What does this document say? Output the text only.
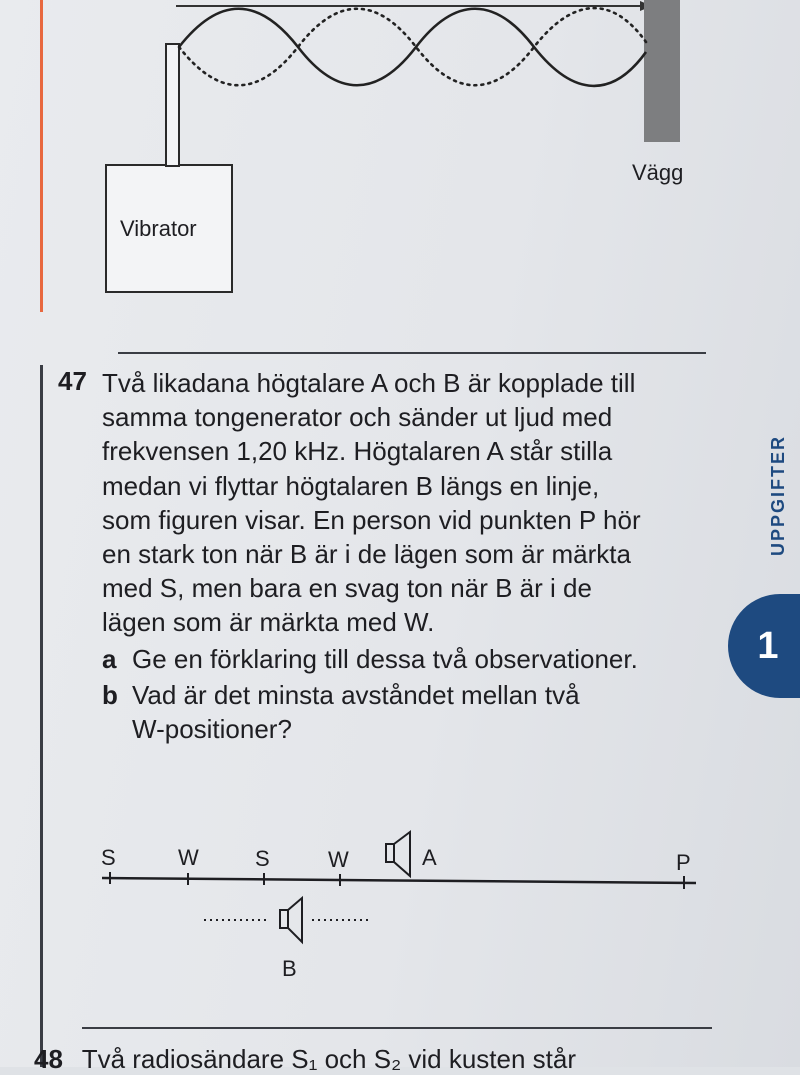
Vibrator
Vägg
47 Två likadana högtalare A och B är kopplade till
samma tongenerator och sänder ut ljud med
frekvensen 1,20 kHz. Högtalaren A står stilla
medan vi flyttar högtalaren B längs en linje,
som figuren visar. En person vid punkten P hör
en stark ton när B är i de lägen som är märkta
med S, men bara en svag ton när B är i de
lägen som är märkta med W.
a Ge en förklaring till dessa två observationer.
b Vad är det minsta avståndet mellan två
W-positioner?
S	W	S	W	A	P
B
UPPGIFTER
1
48 Två radiosändare S₁ och S₂ vid kusten står
